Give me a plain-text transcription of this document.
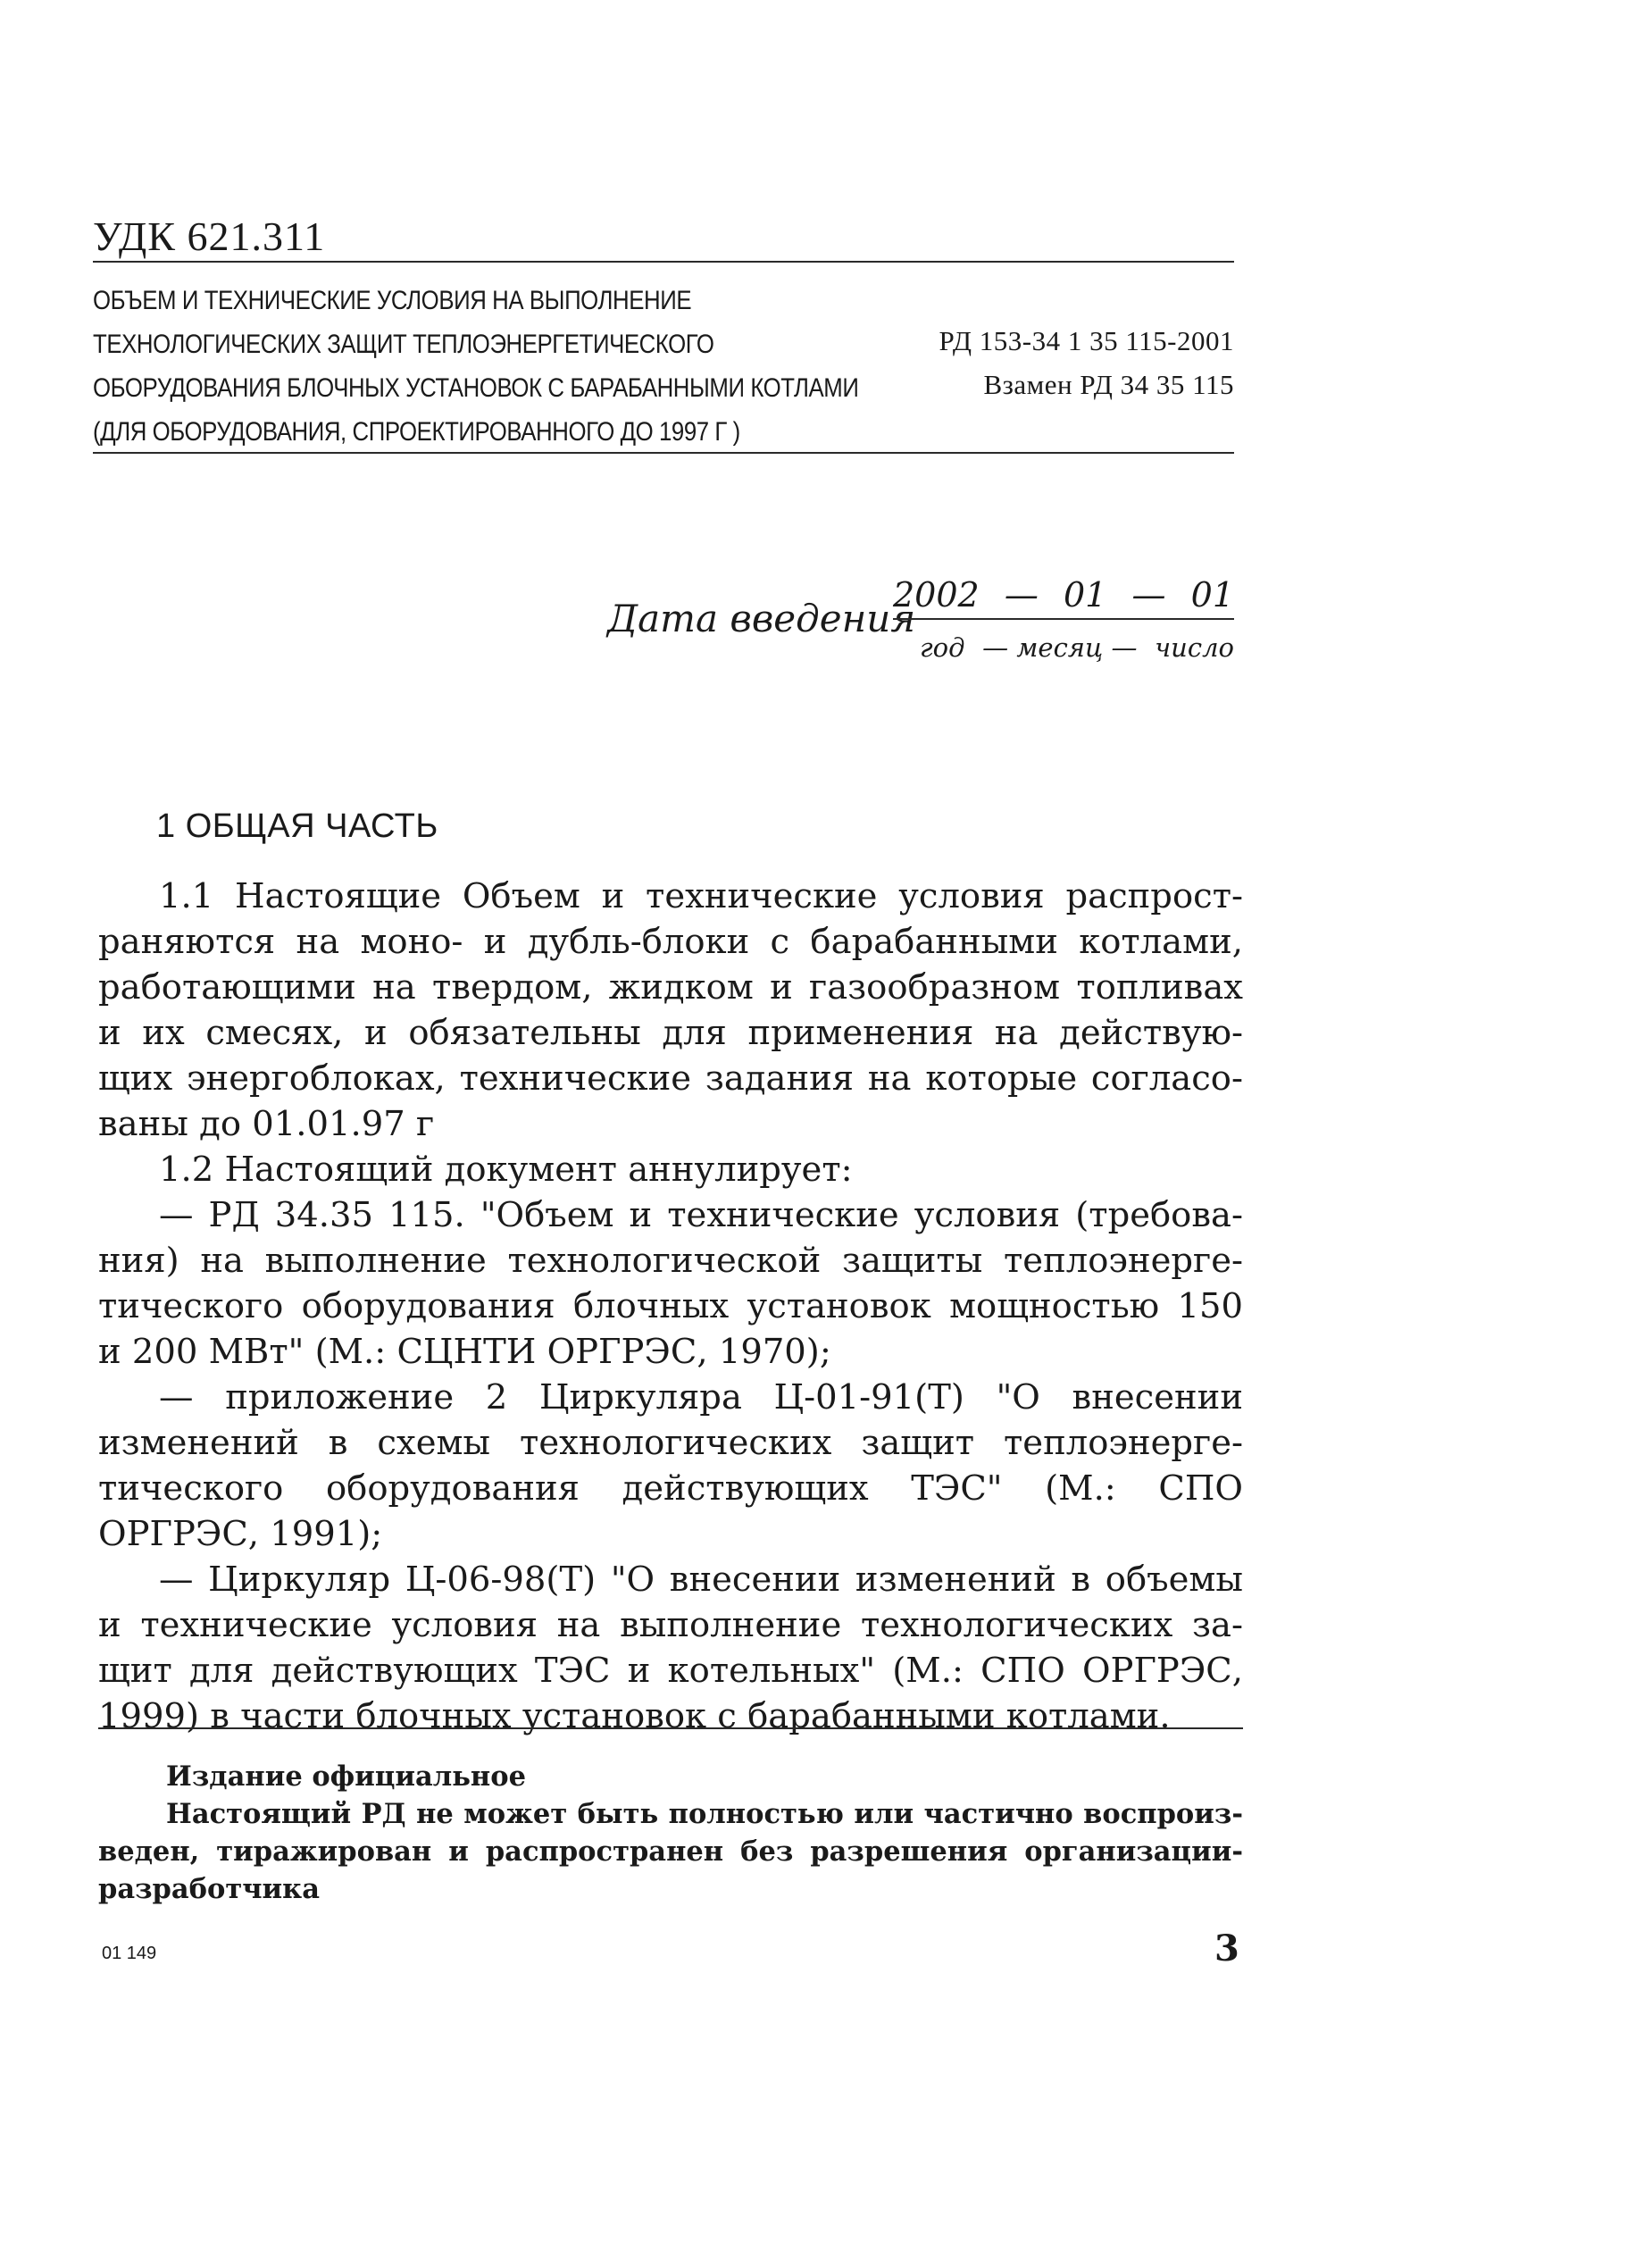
УДК 621.311
ОБЪЕМ И ТЕХНИЧЕСКИЕ УСЛОВИЯ НА ВЫПОЛНЕНИЕ
ТЕХНОЛОГИЧЕСКИХ ЗАЩИТ ТЕПЛОЭНЕРГЕТИЧЕСКОГО
ОБОРУДОВАНИЯ БЛОЧНЫХ УСТАНОВОК С БАРАБАННЫМИ КОТЛАМИ
(ДЛЯ ОБОРУДОВАНИЯ, СПРОЕКТИРОВАННОГО ДО 1997 Г )
РД 153-34 1 35 115-2001
Взамен РД 34 35 115
Дата введения
2002 — 01 — 01
год — месяц — число
1 ОБЩАЯ ЧАСТЬ
1.1 Настоящие Объем и технические условия распрост-
раняются на моно- и дубль-блоки с барабанными котлами,
работающими на твердом, жидком и газообразном топливах
и их смесях, и обязательны для применения на действую-
щих энергоблоках, технические задания на которые согласо-
ваны до 01.01.97 г
1.2 Настоящий документ аннулирует:
— РД 34.35 115. "Объем и технические условия (требова-
ния) на выполнение технологической защиты теплоэнерге-
тического оборудования блочных установок мощностью 150
и 200 МВт" (М.: СЦНТИ ОРГРЭС, 1970);
— приложение 2 Циркуляра Ц-01-91(Т) "О внесении
изменений в схемы технологических защит теплоэнерге-
тического оборудования действующих ТЭС" (М.: СПО
ОРГРЭС, 1991);
— Циркуляр Ц-06-98(Т) "О внесении изменений в объемы
и технические условия на выполнение технологических за-
щит для действующих ТЭС и котельных" (М.: СПО ОРГРЭС,
1999) в части блочных установок с барабанными котлами.
Издание официальное
Настоящий РД не может быть полностью или частично воспроиз-
веден, тиражирован и распространен без разрешения организации-
разработчика
01 149	3
